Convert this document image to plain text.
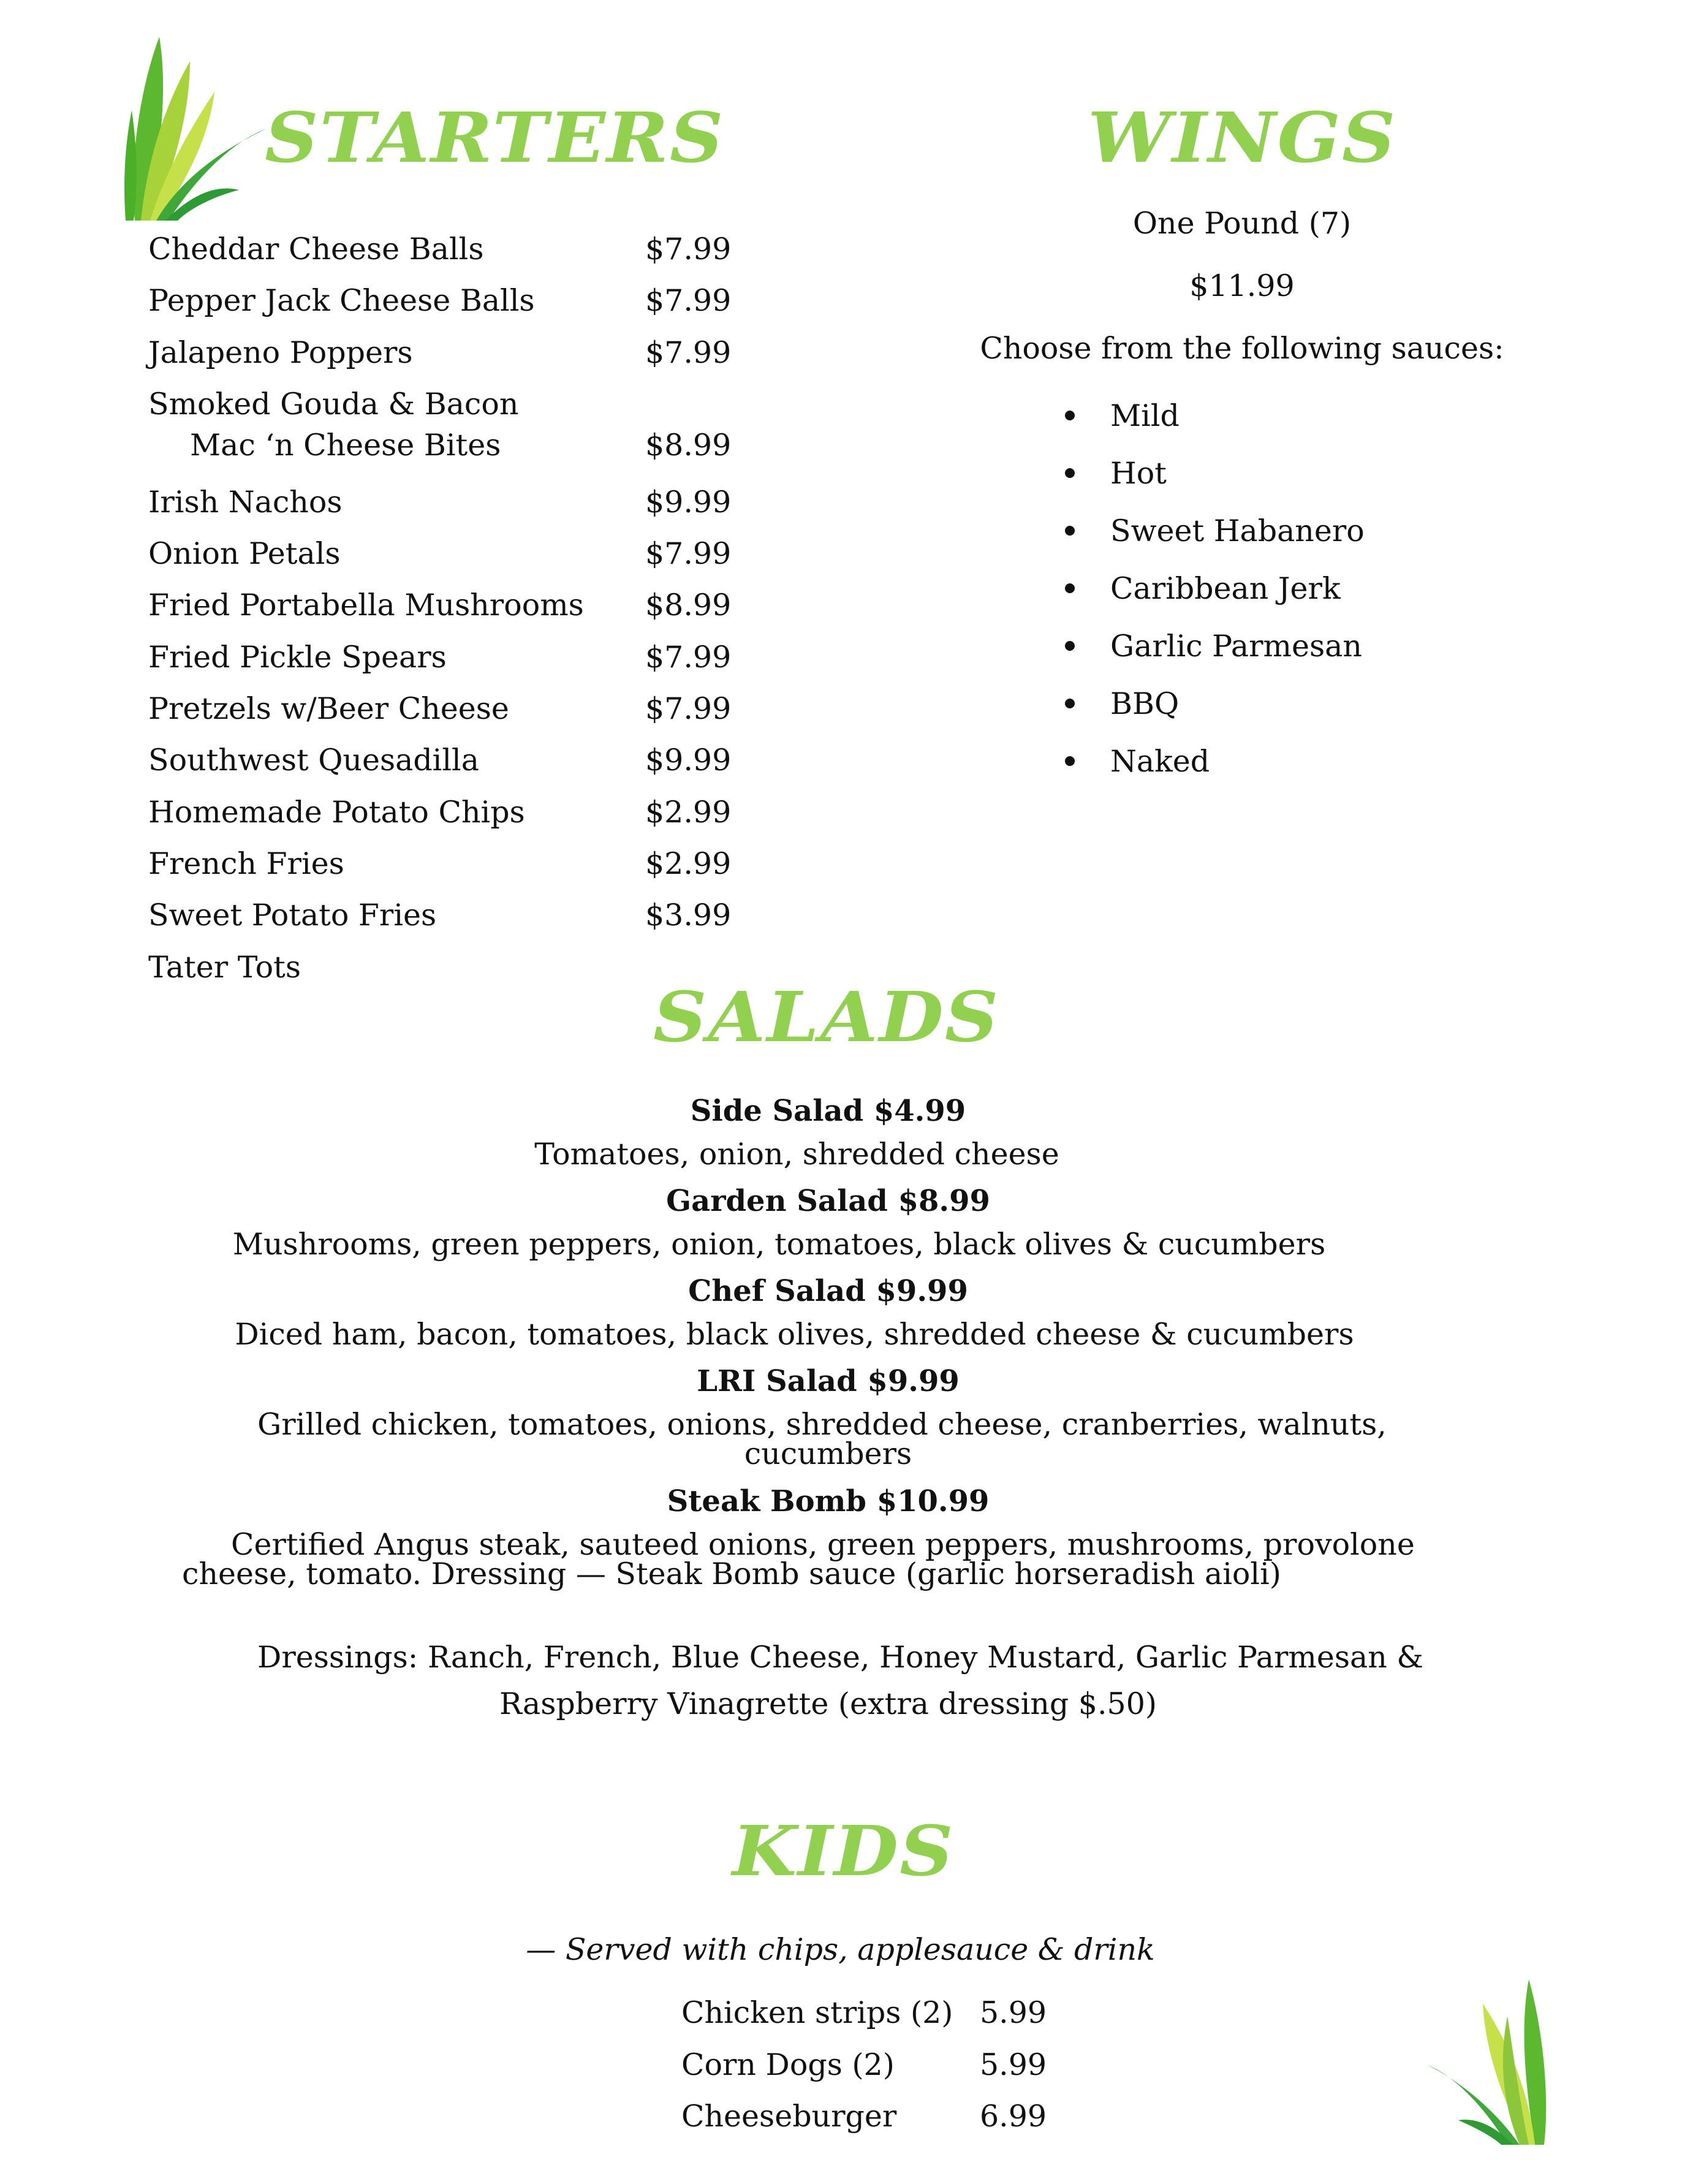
STARTERS	WINGS
Cheddar Cheese Balls	$7.99
Pepper Jack Cheese Balls	$7.99
Jalapeno Poppers	$7.99
Smoked Gouda & Bacon
Mac ‘n Cheese Bites	$8.99
Irish Nachos	$9.99
Onion Petals	$7.99
Fried Portabella Mushrooms $8.99
Fried Pickle Spears	$7.99
Pretzels w/Beer Cheese	$7.99
Southwest Quesadilla	$9.99
Homemade Potato Chips	$2.99
French Fries	$2.99
Sweet Potato Fries	$3.99
Tater Tots
One Pound (7)
$11.99
Choose from the following sauces:
Mild
Hot
Sweet Habanero
Caribbean Jerk
Garlic Parmesan
BBQ
Naked
SALADS
Side Salad $4.99
Tomatoes, onion, shredded cheese
Garden Salad $8.99
Mushrooms, green peppers, onion, tomatoes, black olives & cucumbers
Chef Salad $9.99
Diced ham, bacon, tomatoes, black olives, shredded cheese & cucumbers
LRI Salad $9.99
Grilled chicken, tomatoes, onions, shredded cheese, cranberries, walnuts,
cucumbers
Steak Bomb $10.99
Certified Angus steak, sauteed onions, green peppers, mushrooms, provolone
cheese, tomato. Dressing — Steak Bomb sauce (garlic horseradish aioli)
Dressings: Ranch, French, Blue Cheese, Honey Mustard, Garlic Parmesan &
Raspberry Vinagrette (extra dressing $.50)
KIDS
— Served with chips, applesauce & drink
Chicken strips (2) 5.99
Corn Dogs (2)	5.99
Cheeseburger	6.99
